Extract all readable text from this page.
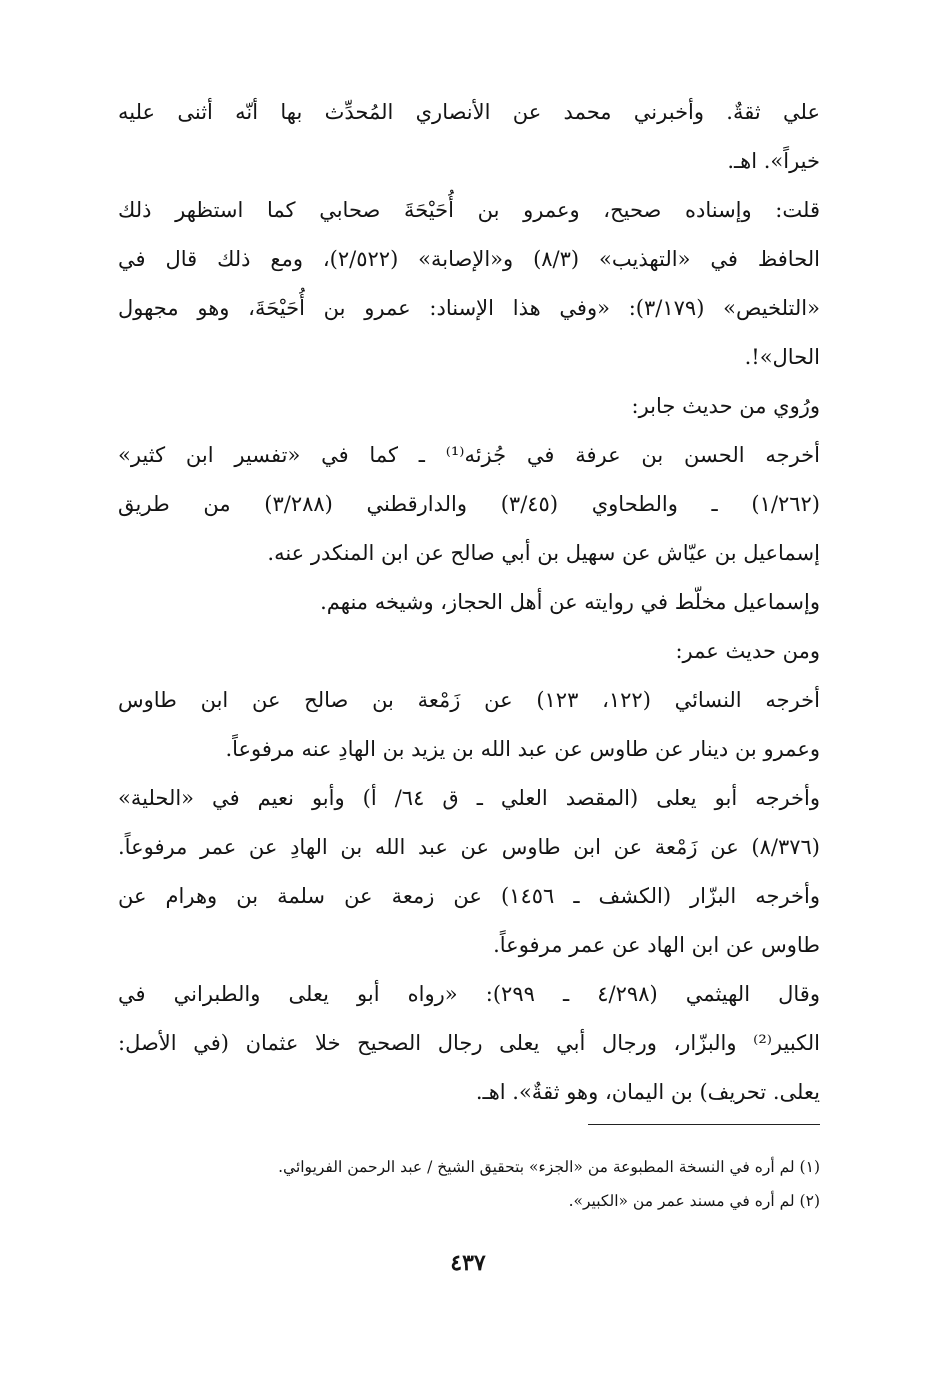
علي ثقةٌ. وأخبرني محمد عن الأنصاري المُحدِّث بها أنّه أثنى عليه
خيراً». اهـ.
قلت: وإسناده صحيح، وعمرو بن أُحَيْحَةَ صحابي كما استظهر ذلك
الحافظ في «التهذيب» (٨/٣) و«الإصابة» (٢/٥٢٢)، ومع ذلك قال في
«التلخيص» (٣/١٧٩): «وفي هذا الإسناد: عمرو بن أُحَيْحَةَ، وهو مجهول
الحال»!.
ورُوي من حديث جابر:
أخرجه الحسن بن عرفة في جُزئه⁽¹⁾ ـ كما في «تفسير ابن كثير»
(١/٢٦٢) ـ والطحاوي (٣/٤٥) والدارقطني (٣/٢٨٨) من طريق
إسماعيل بن عيّاش عن سهيل بن أبي صالح عن ابن المنكدر عنه.
وإسماعيل مخلّط في روايته عن أهل الحجاز، وشيخه منهم.
ومن حديث عمر:
أخرجه النسائي (١٢٢، ١٢٣) عن زَمْعة بن صالح عن ابن طاوس
وعمرو بن دينار عن طاوس عن عبد الله بن يزيد بن الهادِ عنه مرفوعاً.
وأخرجه أبو يعلى (المقصد العلي ـ ق ٦٤/ أ) وأبو نعيم في «الحلية»
(٨/٣٧٦) عن زَمْعة عن ابن طاوس عن عبد الله بن الهادِ عن عمر مرفوعاً.
وأخرجه البزّار (الكشف ـ ١٤٥٦) عن زمعة عن سلمة بن وهرام عن
طاوس عن ابن الهاد عن عمر مرفوعاً.
وقال الهيثمي (٤/٢٩٨ ـ ٢٩٩): «رواه أبو يعلى والطبراني في
الكبير⁽²⁾ والبزّار، ورجال أبي يعلى رجال الصحيح خلا عثمان (في الأصل:
يعلى. تحريف) بن اليمان، وهو ثقةٌ». اهـ.
(١) لم أره في النسخة المطبوعة من «الجزء» بتحقيق الشيخ / عبد الرحمن الفريوائي.
(٢) لم أره في مسند عمر من «الكبير».
٤٣٧
